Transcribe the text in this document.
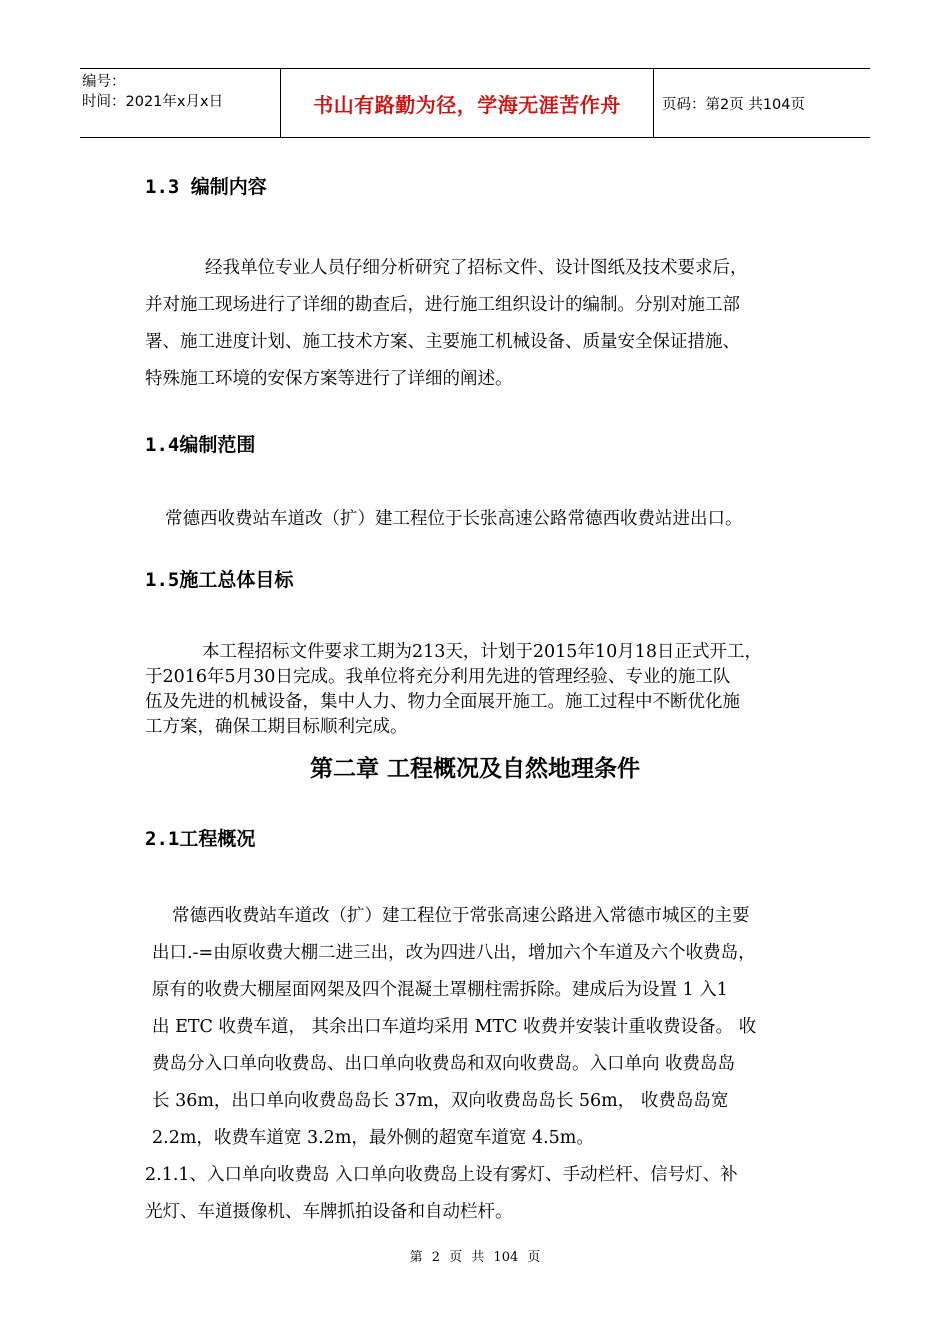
编号：
时间：2021年x月x日	书山有路勤为径，学海无涯苦作舟	页码：第2页 共104页
1.3 编制内容

经我单位专业人员仔细分析研究了招标文件、设计图纸及技术要求后，

并对施工现场进行了详细的勘查后，进行施工组织设计的编制。分别对施工部

署、施工进度计划、施工技术方案、主要施工机械设备、质量安全保证措施、

特殊施工环境的安保方案等进行了详细的阐述。

1.4编制范围

常德西收费站车道改（扩）建工程位于长张高速公路常德西收费站进出口。

1.5施工总体目标

本工程招标文件要求工期为213天，计划于2015年10月18日正式开工，

于2016年5月30日完成。我单位将充分利用先进的管理经验、专业的施工队

伍及先进的机械设备，集中人力、物力全面展开施工。施工过程中不断优化施

工方案，确保工期目标顺利完成。

第二章 工程概况及自然地理条件
2.1工程概况

常德西收费站车道改（扩）建工程位于常张高速公路进入常德市城区的主要

出口.-=由原收费大棚二进三出，改为四进八出，增加六个车道及六个收费岛，

原有的收费大棚屋面网架及四个混凝土罩棚柱需拆除。建成后为设置 1 入1

出 ETC 收费车道， 其余出口车道均采用 MTC 收费并安装计重收费设备。 收

费岛分入口单向收费岛、出口单向收费岛和双向收费岛。入口单向 收费岛岛

长 36m，出口单向收费岛岛长 37m，双向收费岛岛长 56m， 收费岛岛宽

2.2m，收费车道宽 3.2m，最外侧的超宽车道宽 4.5m。

2.1.1、入口单向收费岛 入口单向收费岛上设有雾灯、手动栏杆、信号灯、补

光灯、车道摄像机、车牌抓拍设备和自动栏杆。

第 2 页 共 104 页
